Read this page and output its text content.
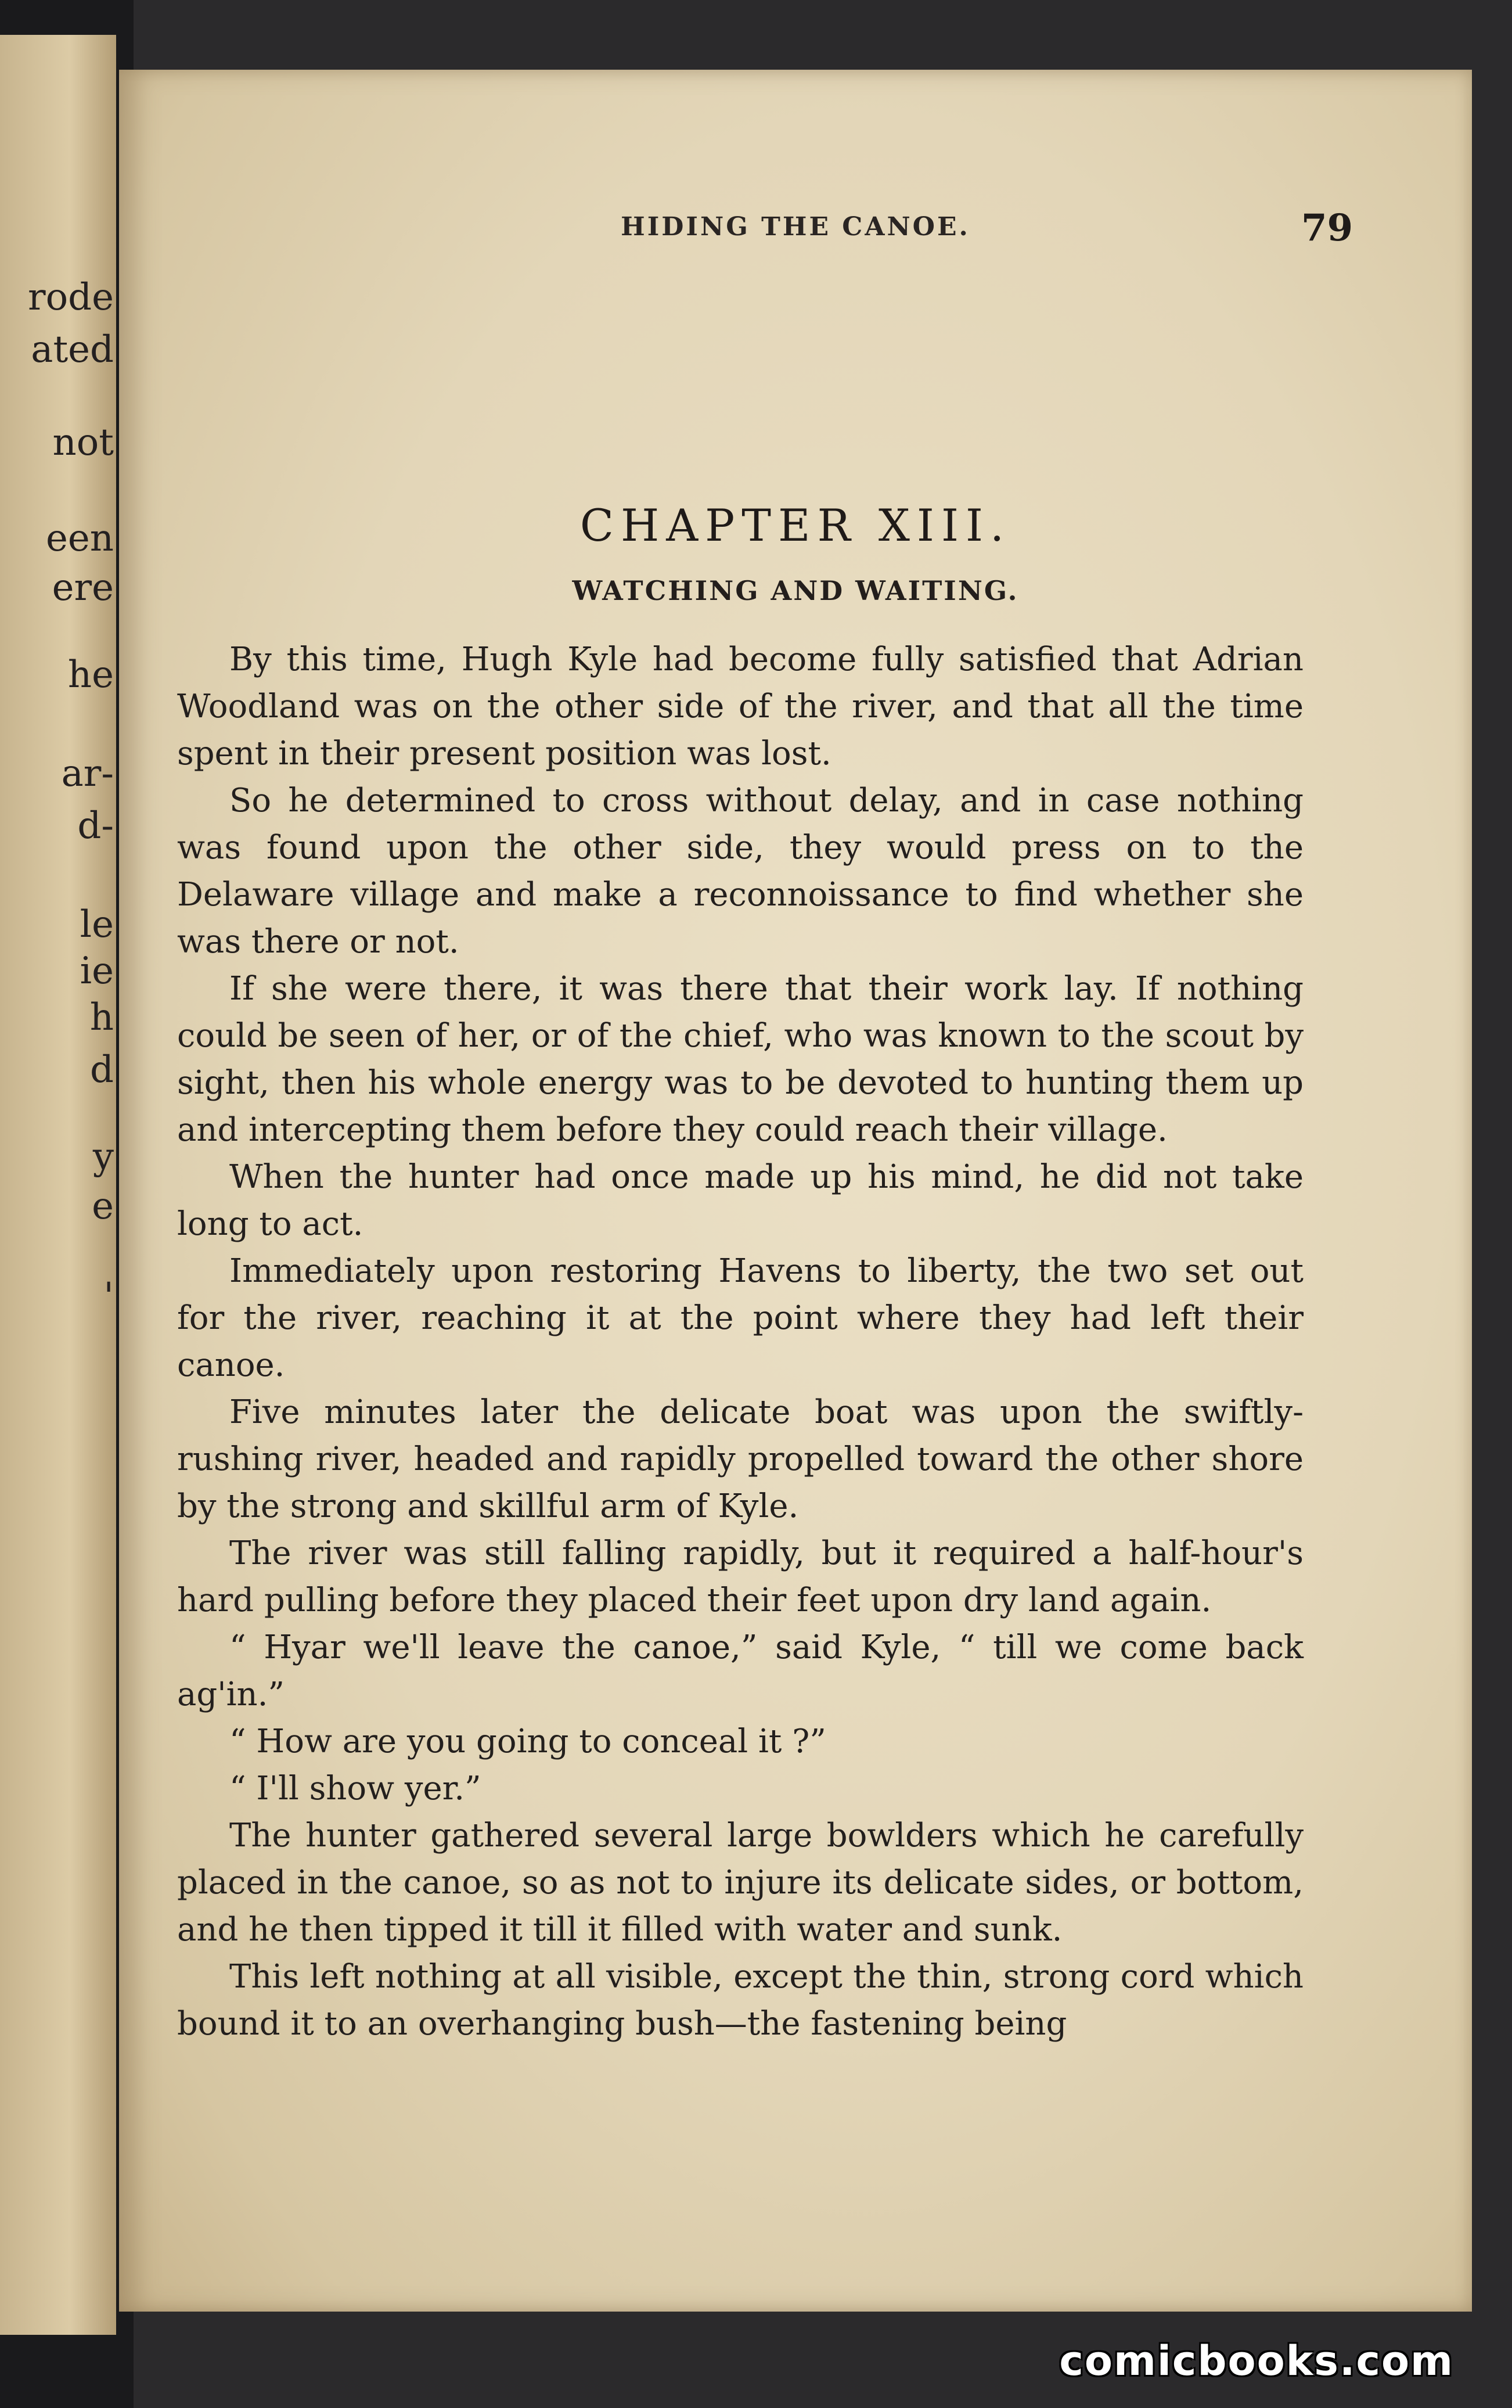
rode
ated
not
een
ere
he
ar-
d-
le
ie
h
d
y
e
'
HIDING THE CANOE.	79
CHAPTER XIII.
WATCHING AND WAITING.

By this time, Hugh Kyle had become fully satisfied that Adrian Woodland was on the other side of the river, and that all the time spent in their present position was lost.

So he determined to cross without delay, and in case nothing was found upon the other side, they would press on to the Delaware village and make a reconnoissance to find whether she was there or not.

If she were there, it was there that their work lay. If nothing could be seen of her, or of the chief, who was known to the scout by sight, then his whole energy was to be devoted to hunting them up and intercepting them before they could reach their village.

When the hunter had once made up his mind, he did not take long to act.

Immediately upon restoring Havens to liberty, the two set out for the river, reaching it at the point where they had left their canoe.

Five minutes later the delicate boat was upon the swiftly-rushing river, headed and rapidly propelled toward the other shore by the strong and skillful arm of Kyle.

The river was still falling rapidly, but it required a half-hour's hard pulling before they placed their feet upon dry land again.

“ Hyar we'll leave the canoe,” said Kyle, “ till we come back ag'in.”

“ How are you going to conceal it ?”

“ I'll show yer.”

The hunter gathered several large bowlders which he carefully placed in the canoe, so as not to injure its delicate sides, or bottom, and he then tipped it till it filled with water and sunk.

This left nothing at all visible, except the thin, strong cord which bound it to an overhanging bush—the fastening being

comicbooks.com
